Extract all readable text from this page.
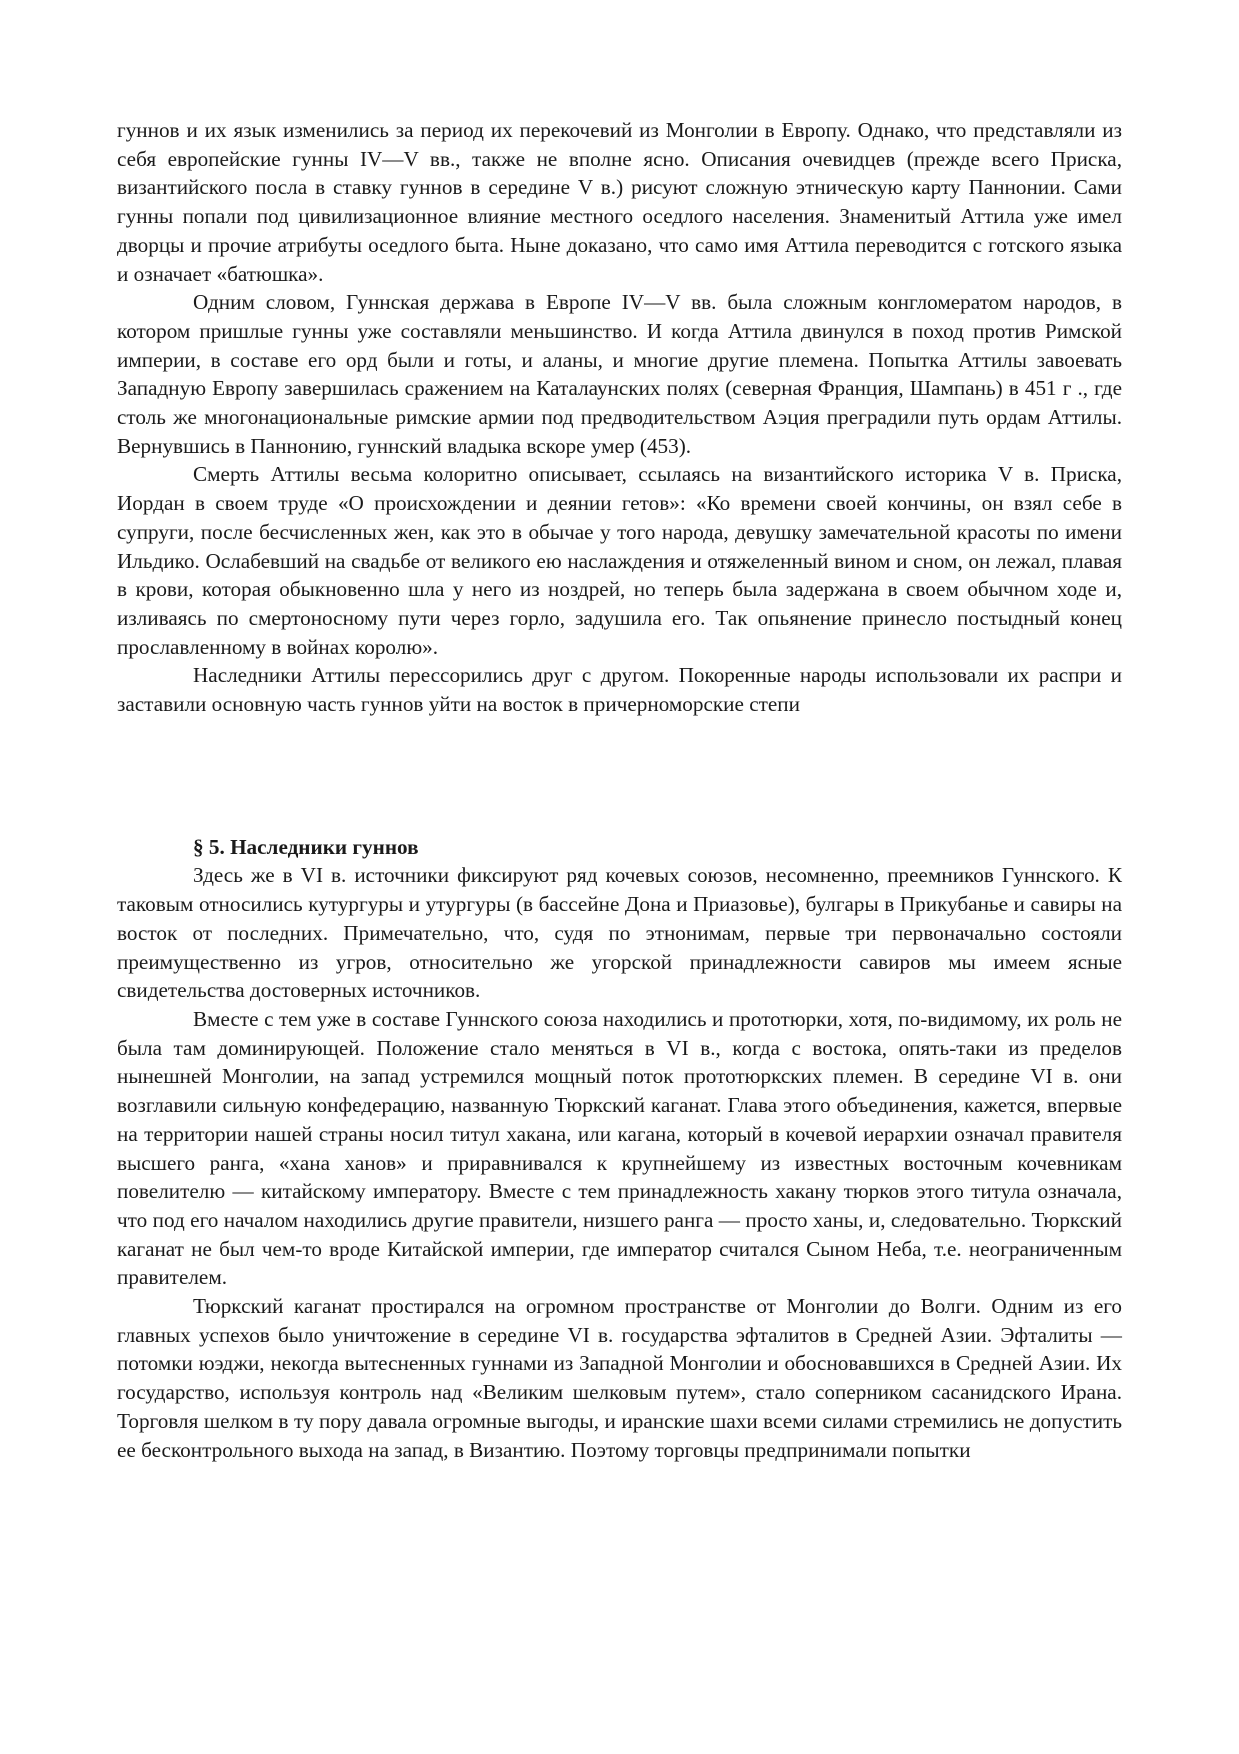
гуннов и их язык изменились за период их перекочевий из Монголии в Европу. Однако, что представляли из себя европейские гунны IV—V вв., также не вполне ясно. Описания очевидцев (прежде всего Приска, византийского посла в ставку гуннов в середине V в.) рисуют сложную этническую карту Паннонии. Сами гунны попали под цивилизационное влияние местного оседлого населения. Знаменитый Аттила уже имел дворцы и прочие атрибуты оседлого быта. Ныне доказано, что само имя Аттила переводится с готского языка и означает «батюшка».

Одним словом, Гуннская держава в Европе IV—V вв. была сложным конгломератом народов, в котором пришлые гунны уже составляли меньшинство. И когда Аттила двинулся в поход против Римской империи, в составе его орд были и готы, и аланы, и многие другие племена. Попытка Аттилы завоевать Западную Европу завершилась сражением на Каталаунских полях (северная Франция, Шампань) в 451 г ., где столь же многонациональные римские армии под предводительством Аэция преградили путь ордам Аттилы. Вернувшись в Паннонию, гуннский владыка вскоре умер (453).

Смерть Аттилы весьма колоритно описывает, ссылаясь на византийского историка V в. Приска, Иордан в своем труде «О происхождении и деянии гетов»: «Ко времени своей кончины, он взял себе в супруги, после бесчисленных жен, как это в обычае у того народа, девушку замечательной красоты по имени Ильдико. Ослабевший на свадьбе от великого ею наслаждения и отяжеленный вином и сном, он лежал, плавая в крови, которая обыкновенно шла у него из ноздрей, но теперь была задержана в своем обычном ходе и, изливаясь по смертоносному пути через горло, задушила его. Так опьянение принесло постыдный конец прославленному в войнах королю».

Наследники Аттилы перессорились друг с другом. Покоренные народы использовали их распри и заставили основную часть гуннов уйти на восток в причерноморские степи

§ 5. Наследники гуннов

Здесь же в VI в. источники фиксируют ряд кочевых союзов, несомненно, преемников Гуннского. К таковым относились кутургуры и утургуры (в бассейне Дона и Приазовье), булгары в Прикубанье и савиры на восток от последних. Примечательно, что, судя по этнонимам, первые три первоначально состояли преимущественно из угров, относительно же угорской принадлежности савиров мы имеем ясные свидетельства достоверных источников.

Вместе с тем уже в составе Гуннского союза находились и прототюрки, хотя, по-видимому, их роль не была там доминирующей. Положение стало меняться в VI в., когда с востока, опять-таки из пределов нынешней Монголии, на запад устремился мощный поток прототюркских племен. В середине VI в. они возглавили сильную конфедерацию, названную Тюркский каганат. Глава этого объединения, кажется, впервые на территории нашей страны носил титул хакана, или кагана, который в кочевой иерархии означал правителя высшего ранга, «хана ханов» и приравнивался к крупнейшему из известных восточным кочевникам повелителю — китайскому императору. Вместе с тем принадлежность хакану тюрков этого титула означала, что под его началом находились другие правители, низшего ранга — просто ханы, и, следовательно. Тюркский каганат не был чем-то вроде Китайской империи, где император считался Сыном Неба, т.е. неограниченным правителем.

Тюркский каганат простирался на огромном пространстве от Монголии до Волги. Одним из его главных успехов было уничтожение в середине VI в. государства эфталитов в Средней Азии. Эфталиты — потомки юэджи, некогда вытесненных гуннами из Западной Монголии и обосновавшихся в Средней Азии. Их государство, используя контроль над «Великим шелковым путем», стало соперником сасанидского Ирана. Торговля шелком в ту пору давала огромные выгоды, и иранские шахи всеми силами стремились не допустить ее бесконтрольного выхода на запад, в Византию. Поэтому торговцы предпринимали попытки
